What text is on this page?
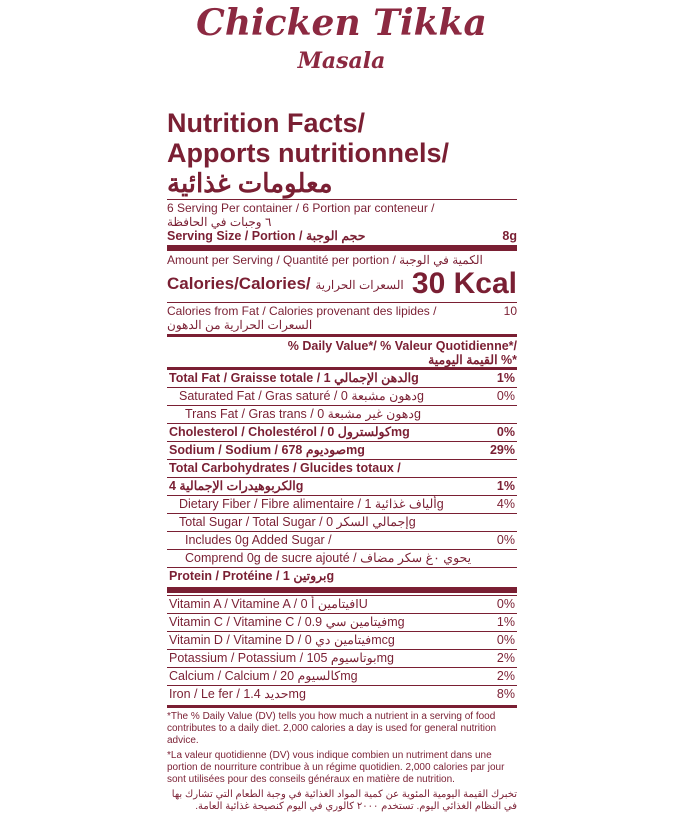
Chicken Tikka
Masala
Nutrition Facts/
Apports nutritionnels/
معلومات غذائية
6 Serving Per container / 6 Portion par conteneur /
٦ وجبات في الحافظة
Serving Size / Portion / حجم الوجبة	8g
Amount per Serving / Quantité per portion / الكمية في الوجبة
Calories/Calories/ السعرات الحرارية 30 Kcal
Calories from Fat / Calories provenant des lipides /	10
السعرات الحرارية من الدهون
% Daily Value*/ % Valeur Quotidienne*/
القيمة اليومية %*
Total Fat / Graisse totale / الدهن الإجمالي 1g	1%
Saturated Fat / Gras saturé / دهون مشبعة 0g	0%
Trans Fat / Gras trans / دهون غير مشبعة 0g
Cholesterol / Cholestérol / كولسترول 0mg	0%
Sodium / Sodium / صوديوم 678mg	29%
Total Carbohydrates / Glucides totaux /
الكربوهيدرات الإجمالية 4g	1%
Dietary Fiber / Fibre alimentaire / ألياف غذائية 1g	4%
Total Sugar / Total Sugar / إجمالي السكر 0g
Includes 0g Added Sugar /	0%
Comprend 0g de sucre ajouté / يحوي ٠غ سكر مضاف
Protein / Protéine / بروتين 1g
Vitamin A / Vitamine A / فيتامين أ 0IU	0%
Vitamin C / Vitamine C / فيتامين سي 0.9mg	1%
Vitamin D / Vitamine D / فيتامين دي 0mcg	0%
Potassium / Potassium / بوتاسيوم 105mg	2%
Calcium / Calcium / كالسيوم 20mg	2%
Iron / Le fer / حديد 1.4mg	8%
*The % Daily Value (DV) tells you how much a nutrient in a serving of food contributes to a daily diet. 2,000 calories a day is used for general nutrition advice.
*La valeur quotidienne (DV) vous indique combien un nutriment dans une portion de nourriture contribue à un régime quotidien. 2,000 calories par jour sont utilisées pour des conseils généraux en matière de nutrition.
تخبرك القيمة اليومية المئوية عن كمية المواد الغذائية في وجبة الطعام التي تشارك بها في النظام الغذائي اليوم. تستخدم ٢٠٠٠ كالوري في اليوم كنصيحة غذائية العامة.
